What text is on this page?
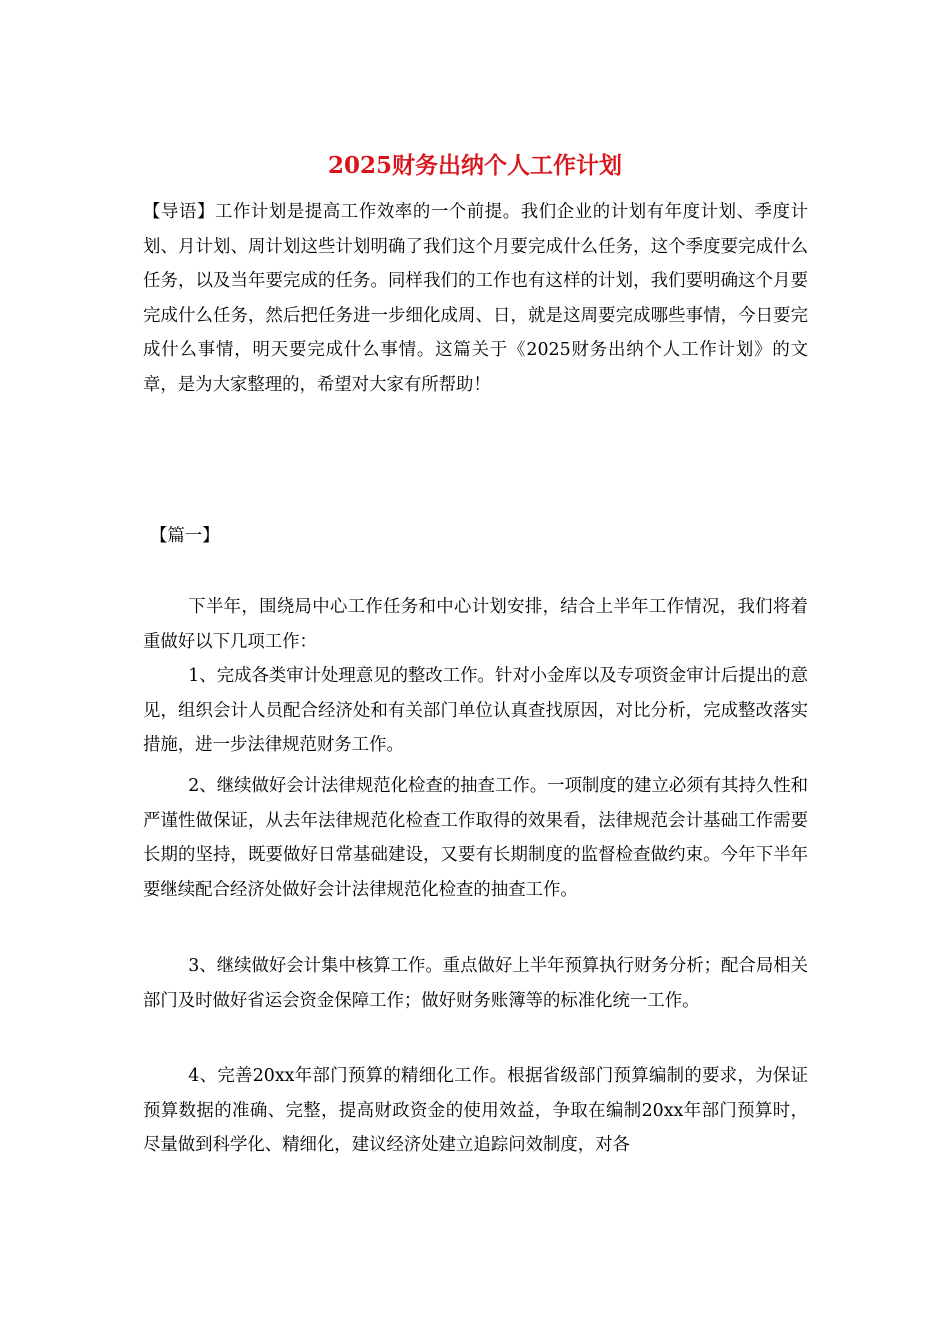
2025财务出纳个人工作计划

【导语】工作计划是提高工作效率的一个前提。我们企业的计划有年度计划、季度计划、月计划、周计划这些计划明确了我们这个月要完成什么任务，这个季度要完成什么任务，以及当年要完成的任务。同样我们的工作也有这样的计划，我们要明确这个月要完成什么任务，然后把任务进一步细化成周、日，就是这周要完成哪些事情，今日要完成什么事情，明天要完成什么事情。这篇关于《2025财务出纳个人工作计划》的文章，是为大家整理的，希望对大家有所帮助！

【篇一】

下半年，围绕局中心工作任务和中心计划安排，结合上半年工作情况，我们将着重做好以下几项工作：

1、完成各类审计处理意见的整改工作。针对小金库以及专项资金审计后提出的意见，组织会计人员配合经济处和有关部门单位认真查找原因，对比分析，完成整改落实措施，进一步法律规范财务工作。

2、继续做好会计法律规范化检查的抽查工作。一项制度的建立必须有其持久性和严谨性做保证，从去年法律规范化检查工作取得的效果看，法律规范会计基础工作需要长期的坚持，既要做好日常基础建设，又要有长期制度的监督检查做约束。今年下半年要继续配合经济处做好会计法律规范化检查的抽查工作。

3、继续做好会计集中核算工作。重点做好上半年预算执行财务分析；配合局相关部门及时做好省运会资金保障工作；做好财务账簿等的标准化统一工作。

4、完善20xx年部门预算的精细化工作。根据省级部门预算编制的要求，为保证预算数据的准确、完整，提高财政资金的使用效益，争取在编制20xx年部门预算时，尽量做到科学化、精细化，建议经济处建立追踪问效制度，对各
